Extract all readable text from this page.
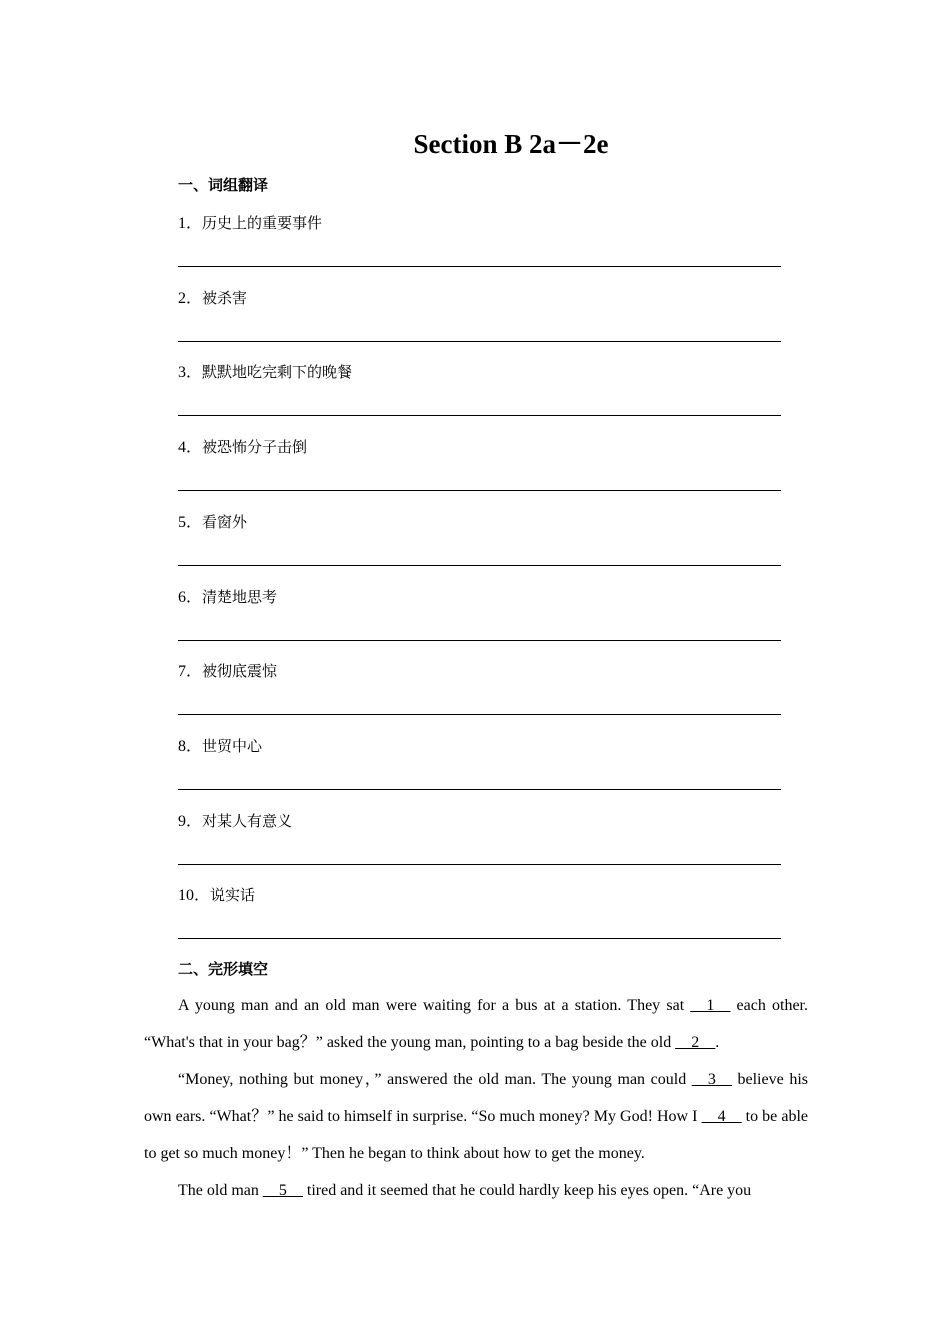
Section B 2a－2e
一、词组翻译
1．历史上的重要事件
2．被杀害
3．默默地吃完剩下的晚餐
4．被恐怖分子击倒
5．看窗外
6．清楚地思考
7．被彻底震惊
8．世贸中心
9．对某人有意义
10．说实话
二、完形填空

A young man and an old man were waiting for a bus at a station. They sat __1__ each other. “What's that in your bag？” asked the young man, pointing to a bag beside the old __2__.

“Money, nothing but money，” answered the old man. The young man could __3__ believe his own ears. “What？” he said to himself in surprise. “So much money? My God! How I __4__ to be able to get so much money！” Then he began to think about how to get the money.

The old man __5__ tired and it seemed that he could hardly keep his eyes open. “Are you
